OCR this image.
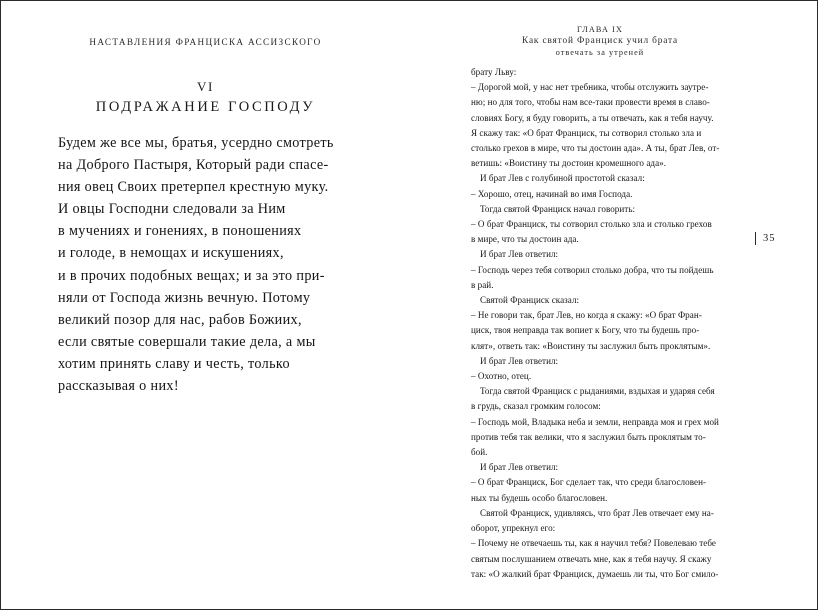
НАСТАВЛЕНИЯ ФРАНЦИСКА АССИЗСКОГО
VI
ПОДРАЖАНИЕ ГОСПОДУ
Будем же все мы, братья, усердно смотреть
на Доброго Пастыря, Который ради спасе-
ния овец Своих претерпел крестную муку.
И овцы Господни следовали за Ним
в мучениях и гонениях, в поношениях
и голоде, в немощах и искушениях,
и в прочих подобных вещах; и за это при-
няли от Господа жизнь вечную. Потому
великий позор для нас, рабов Божиих,
если святые совершали такие дела, а мы
хотим принять славу и честь, только
рассказывая о них!
ГЛАВА IX
Как святой Франциск учил брата
отвечать за утреней
35
брату Льву:
– Дорогой мой, у нас нет требника, чтобы отслужить заутре-
ню; но для того, чтобы нам все-таки провести время в славо-
словиях Богу, я буду говорить, а ты отвечать, как я тебя научу.
Я скажу так: «О брат Франциск, ты сотворил столько зла и
столько грехов в мире, что ты достоин ада». А ты, брат Лев, от-
ветишь: «Воистину ты достоин кромешного ада».
И брат Лев с голубиной простотой сказал:
– Хорошо, отец, начинай во имя Господа.
Тогда святой Франциск начал говорить:
– О брат Франциск, ты сотворил столько зла и столько грехов
в мире, что ты достоин ада.
И брат Лев ответил:
– Господь через тебя сотворил столько добра, что ты пойдешь
в рай.
Святой Франциск сказал:
– Не говори так, брат Лев, но когда я скажу: «О брат Фран-
циск, твоя неправда так вопиет к Богу, что ты будешь про-
клят», ответь так: «Воистину ты заслужил быть проклятым».
И брат Лев ответил:
– Охотно, отец.
Тогда святой Франциск с рыданиями, вздыхая и ударяя себя
в грудь, сказал громким голосом:
– Господь мой, Владыка неба и земли, неправда моя и грех мой
против тебя так велики, что я заслужил быть проклятым то-
бой.
И брат Лев ответил:
– О брат Франциск, Бог сделает так, что среди благословен-
ных ты будешь особо благословен.
Святой Франциск, удивляясь, что брат Лев отвечает ему на-
оборот, упрекнул его:
– Почему не отвечаешь ты, как я научил тебя? Повелеваю тебе
святым послушанием отвечать мне, как я тебя научу. Я скажу
так: «О жалкий брат Франциск, думаешь ли ты, что Бог смило-
